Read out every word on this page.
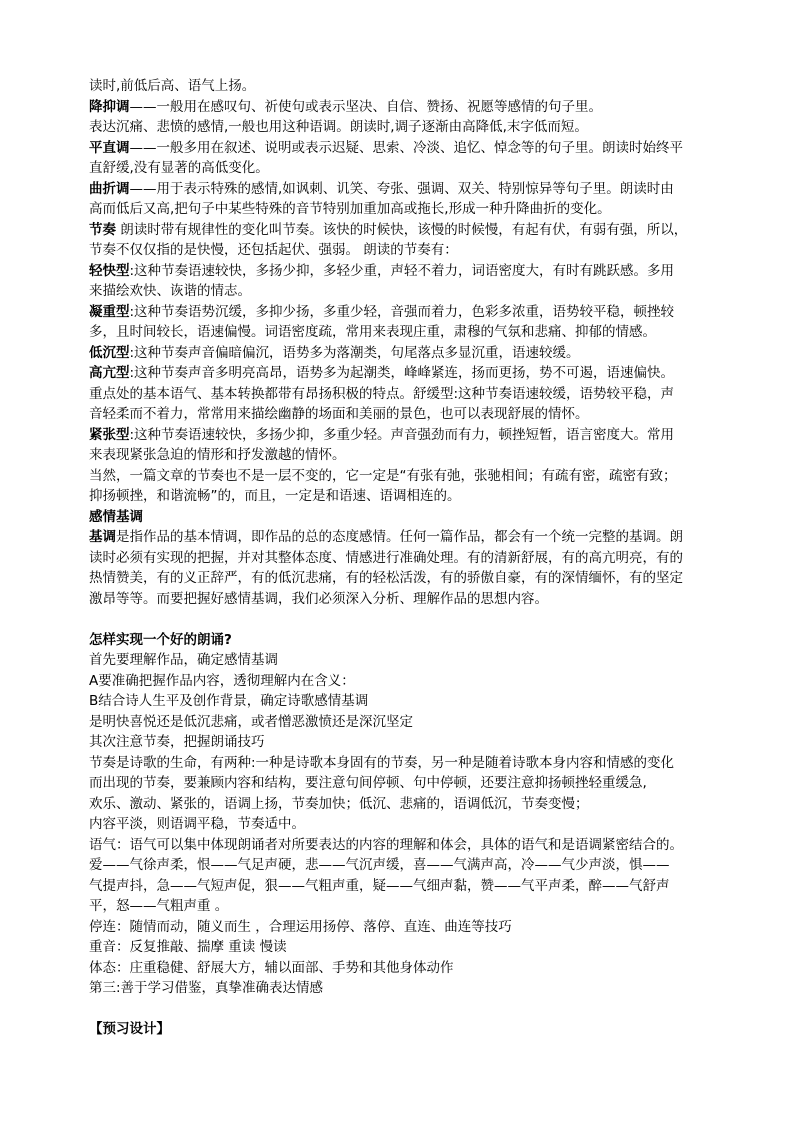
读时,前低后高、语气上扬。
降抑调——一般用在感叹句、祈使句或表示坚决、自信、赞扬、祝愿等感情的句子里。
表达沉痛、悲愤的感情,一般也用这种语调。朗读时,调子逐渐由高降低,末字低而短。
平直调——一般多用在叙述、说明或表示迟疑、思索、冷淡、追忆、悼念等的句子里。朗读时始终平
直舒缓,没有显著的高低变化。
曲折调——用于表示特殊的感情,如讽刺、讥笑、夸张、强调、双关、特别惊异等句子里。朗读时由
高而低后又高,把句子中某些特殊的音节特别加重加高或拖长,形成一种升降曲折的变化。
节奏 朗读时带有规律性的变化叫节奏。该快的时候快，该慢的时候慢，有起有伏，有弱有强，所以，
节奏不仅仅指的是快慢，还包括起伏、强弱。 朗读的节奏有：
轻快型:这种节奏语速较快，多扬少抑，多轻少重，声轻不着力，词语密度大，有时有跳跃感。多用
来描绘欢快、诙谐的情志。
凝重型:这种节奏语势沉缓，多抑少扬，多重少轻，音强而着力，色彩多浓重，语势较平稳，顿挫较
多，且时间较长，语速偏慢。词语密度疏，常用来表现庄重，肃穆的气氛和悲痛、抑郁的情感。
低沉型:这种节奏声音偏暗偏沉，语势多为落潮类，句尾落点多显沉重，语速较缓。
高亢型:这种节奏声音多明亮高昂，语势多为起潮类，峰峰紧连，扬而更扬，势不可遏，语速偏快。
重点处的基本语气、基本转换都带有昂扬积极的特点。舒缓型:这种节奏语速较缓，语势较平稳，声
音轻柔而不着力，常常用来描绘幽静的场面和美丽的景色，也可以表现舒展的情怀。
紧张型:这种节奏语速较快，多扬少抑，多重少轻。声音强劲而有力，顿挫短暂，语言密度大。常用
来表现紧张急迫的情形和抒发激越的情怀。
当然，一篇文章的节奏也不是一层不变的，它一定是“有张有弛，张驰相间；有疏有密，疏密有致；
抑扬顿挫，和谐流畅”的，而且，一定是和语速、语调相连的。
感情基调
基调是指作品的基本情调，即作品的总的态度感情。任何一篇作品，都会有一个统一完整的基调。朗
读时必须有实现的把握，并对其整体态度、情感进行准确处理。有的清新舒展，有的高亢明亮，有的
热情赞美，有的义正辞严，有的低沉悲痛，有的轻松活泼，有的骄傲自豪，有的深情缅怀，有的坚定
激昂等等。而要把握好感情基调，我们必须深入分析、理解作品的思想内容。
怎样实现一个好的朗诵?
首先要理解作品，确定感情基调
A要准确把握作品内容，透彻理解内在含义：
B结合诗人生平及创作背景，确定诗歌感情基调
是明快喜悦还是低沉悲痛，或者憎恶激愤还是深沉坚定
其次注意节奏，把握朗诵技巧
节奏是诗歌的生命，有两种:一种是诗歌本身固有的节奏，另一种是随着诗歌本身内容和情感的变化
而出现的节奏，要兼顾内容和结构，要注意句间停顿、句中停顿，还要注意抑扬顿挫轻重缓急,
欢乐、激动、紧张的，语调上扬，节奏加快；低沉、悲痛的，语调低沉，节奏变慢；
内容平淡，则语调平稳，节奏适中。
语气：语气可以集中体现朗诵者对所要表达的内容的理解和体会，具体的语气和是语调紧密结合的。
爱——气徐声柔，恨——气足声硬，悲——气沉声缓，喜——气满声高，冷——气少声淡，惧——
气提声抖，急——气短声促，狠——气粗声重，疑——气细声黏，赞——气平声柔，醉——气舒声
平，怒——气粗声重 。
停连：随情而动，随义而生 ，合理运用扬停、落停、直连、曲连等技巧
重音：反复推敲、揣摩 重读 慢读
体态：庄重稳健、舒展大方，辅以面部、手势和其他身体动作
第三:善于学习借鉴，真挚准确表达情感
【预习设计】
